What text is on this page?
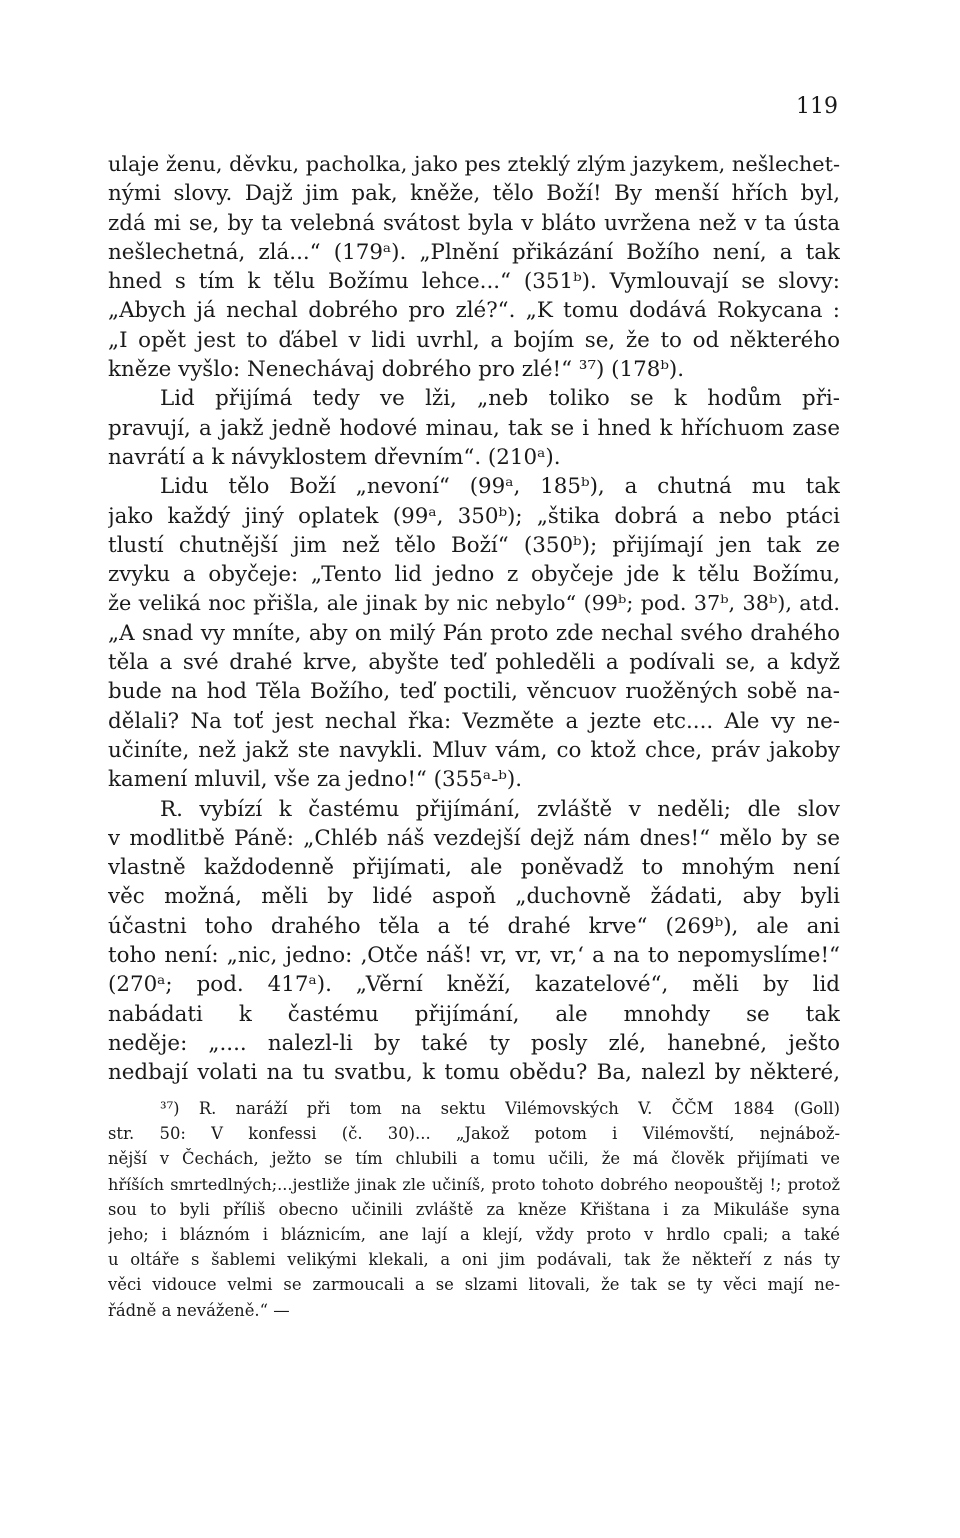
119
ulaje ženu, děvku, pacholka, jako pes zteklý zlým jazykem, nešlechet-
nými slovy. Dajž jim pak, kněže, tělo Boží! By menší hřích byl,
zdá mi se, by ta velebná svátost byla v bláto uvržena než v ta ústa
nešlechetná, zlá...“ (179ᵃ). „Plnění přikázání Božího není, a tak
hned s tím k tělu Božímu lehce...“ (351ᵇ). Vymlouvají se slovy:
„Abych já nechal dobrého pro zlé?“. „K tomu dodává Rokycana :
„I opět jest to ďábel v lidi uvrhl, a bojím se, že to od některého
kněze vyšlo: Nenechávaj dobrého pro zlé!“ ³⁷) (178ᵇ).
Lid přijímá tedy ve lži, „neb toliko se k hodům při-
pravují, a jakž jedně hodové minau, tak se i hned k hříchuom zase
navrátí a k návyklostem dřevním“. (210ᵃ).
Lidu tělo Boží „nevoní“ (99ᵃ, 185ᵇ), a chutná mu tak
jako každý jiný oplatek (99ᵃ, 350ᵇ); „štika dobrá a nebo ptáci
tlustí chutnější jim než tělo Boží“ (350ᵇ); přijímají jen tak ze
zvyku a obyčeje: „Tento lid jedno z obyčeje jde k tělu Božímu,
že veliká noc přišla, ale jinak by nic nebylo“ (99ᵇ; pod. 37ᵇ, 38ᵇ), atd.
„A snad vy mníte, aby on milý Pán proto zde nechal svého drahého
těla a své drahé krve, abyšte teď pohleděli a podívali se, a když
bude na hod Těla Božího, teď poctili, věncuov ruožěných sobě na-
dělali? Na toť jest nechal řka: Vezměte a jezte etc.... Ale vy ne-
učiníte, než jakž ste navykli. Mluv vám, co ktož chce, práv jakoby
kamení mluvil, vše za jedno!“ (355ᵃ-ᵇ).
R. vybízí k častému přijímání, zvláště v neděli; dle slov
v modlitbě Páně: „Chléb náš vezdejší dejž nám dnes!“ mělo by se
vlastně každodenně přijímati, ale poněvadž to mnohým není
věc možná, měli by lidé aspoň „duchovně žádati, aby byli
účastni toho drahého těla a té drahé krve“ (269ᵇ), ale ani
toho není: „nic, jedno: ‚Otče náš! vr, vr, vr,‘ a na to nepomyslíme!“
(270ᵃ; pod. 417ᵃ). „Věrní kněží, kazatelové“, měli by lid
nabádati k častému přijímání, ale mnohdy se tak
neděje: „.... nalezl-li by také ty posly zlé, hanebné, ješto
nedbají volati na tu svatbu, k tomu obědu? Ba, nalezl by některé,
³⁷) R. naráží při tom na sektu Vilémovských V. ČČM 1884 (Goll)
str. 50: V konfessi (č. 30)... „Jakož potom i Vilémovští, nejnábož-
nější v Čechách, ježto se tím chlubili a tomu učili, že má člověk přijímati ve
hříších smrtedlných;...jestliže jinak zle učiníš, proto tohoto dobrého neopouštěj !; protož
sou to byli příliš obecno učinili zvláště za kněze Křištana i za Mikuláše syna
jeho; i bláznóm i bláznicím, ane lají a klejí, vždy proto v hrdlo cpali; a také
u oltáře s šablemi velikými klekali, a oni jim podávali, tak že někteří z nás ty
věci vidouce velmi se zarmoucali a se slzami litovali, že tak se ty věci mají ne-
řádně a neváženě.“ —
